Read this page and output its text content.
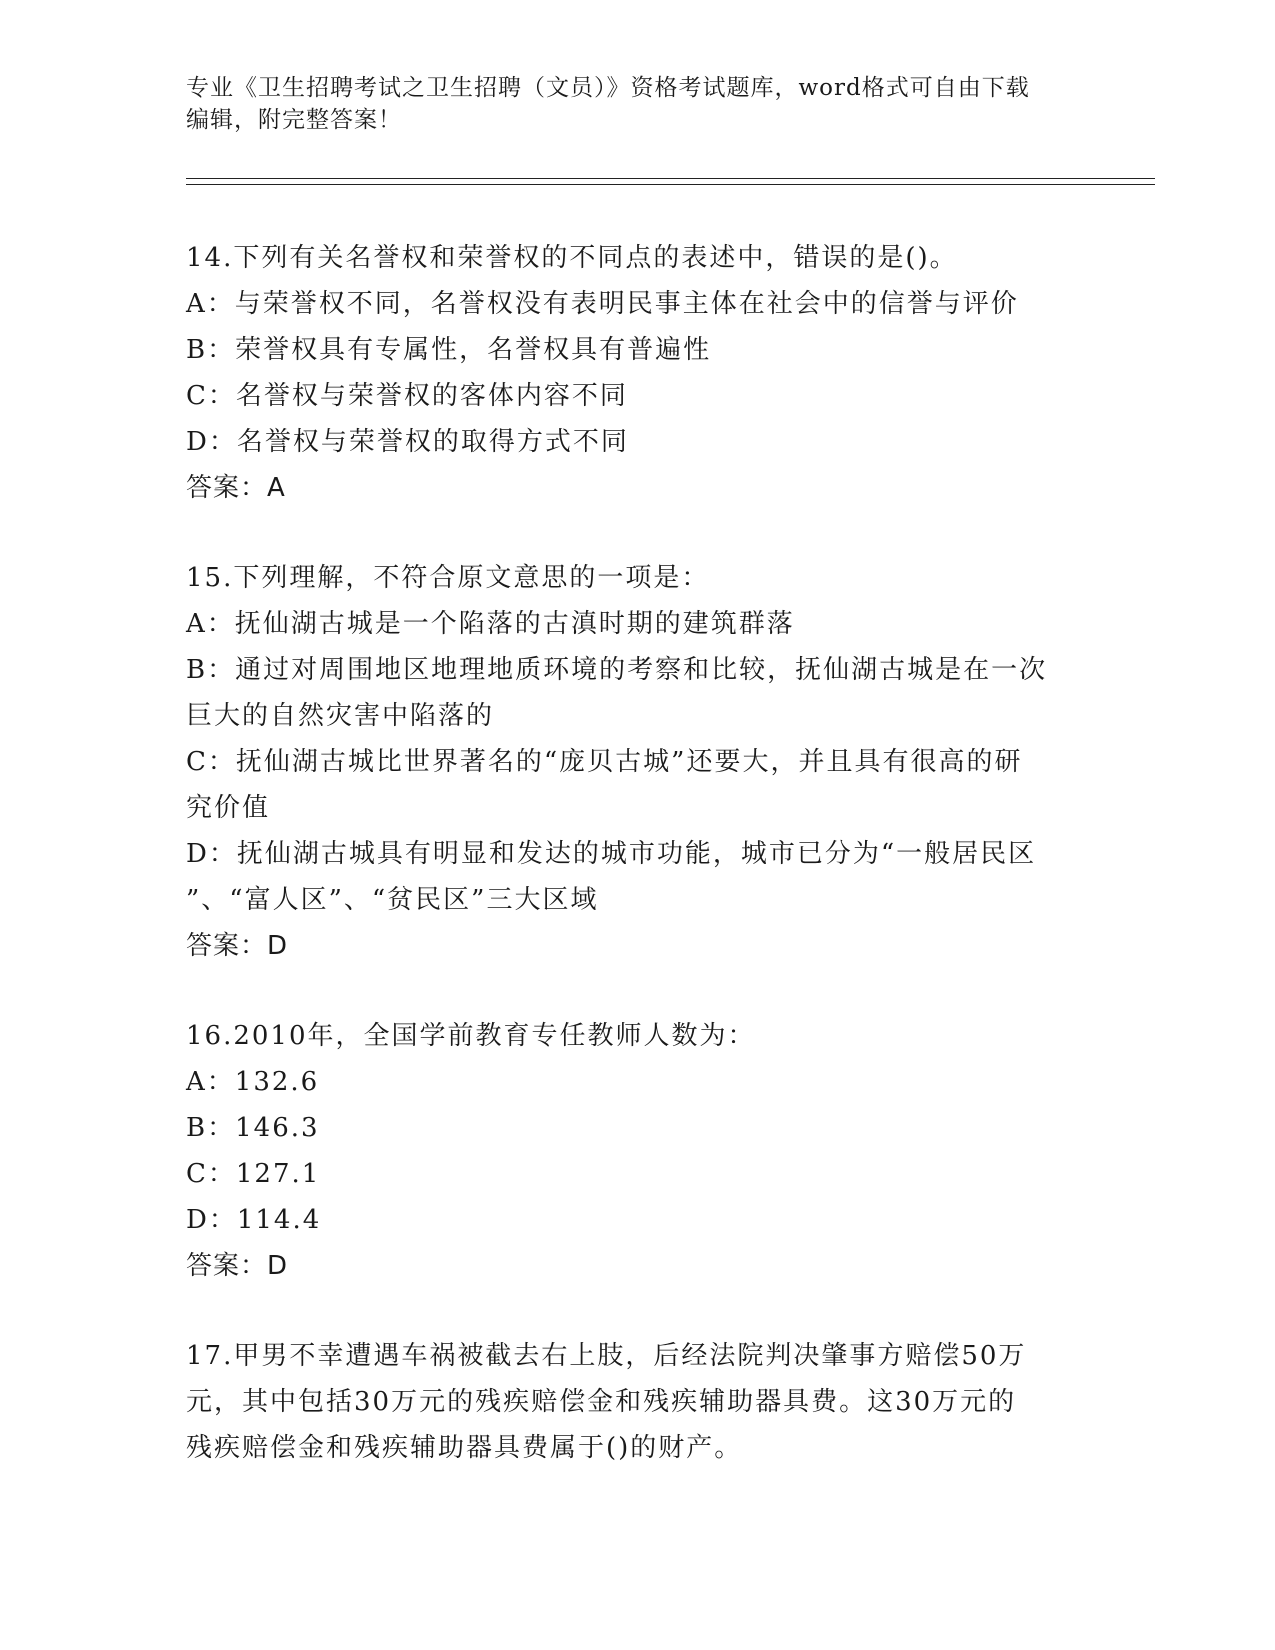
专业《卫生招聘考试之卫生招聘（文员）》资格考试题库，word格式可自由下载
编辑，附完整答案！
14.下列有关名誉权和荣誉权的不同点的表述中，错误的是()。
A：与荣誉权不同，名誉权没有表明民事主体在社会中的信誉与评价
B：荣誉权具有专属性，名誉权具有普遍性
C：名誉权与荣誉权的客体内容不同
D：名誉权与荣誉权的取得方式不同
答案：A
15.下列理解，不符合原文意思的一项是：
A：抚仙湖古城是一个陷落的古滇时期的建筑群落
B：通过对周围地区地理地质环境的考察和比较，抚仙湖古城是在一次
巨大的自然灾害中陷落的
C：抚仙湖古城比世界著名的“庞贝古城”还要大，并且具有很高的研
究价值
D：抚仙湖古城具有明显和发达的城市功能，城市已分为“一般居民区
”、“富人区”、“贫民区”三大区域
答案：D
16.2010年，全国学前教育专任教师人数为：
A：132.6
B：146.3
C：127.1
D：114.4
答案：D
17.甲男不幸遭遇车祸被截去右上肢，后经法院判决肇事方赔偿50万
元，其中包括30万元的残疾赔偿金和残疾辅助器具费。这30万元的
残疾赔偿金和残疾辅助器具费属于()的财产。
